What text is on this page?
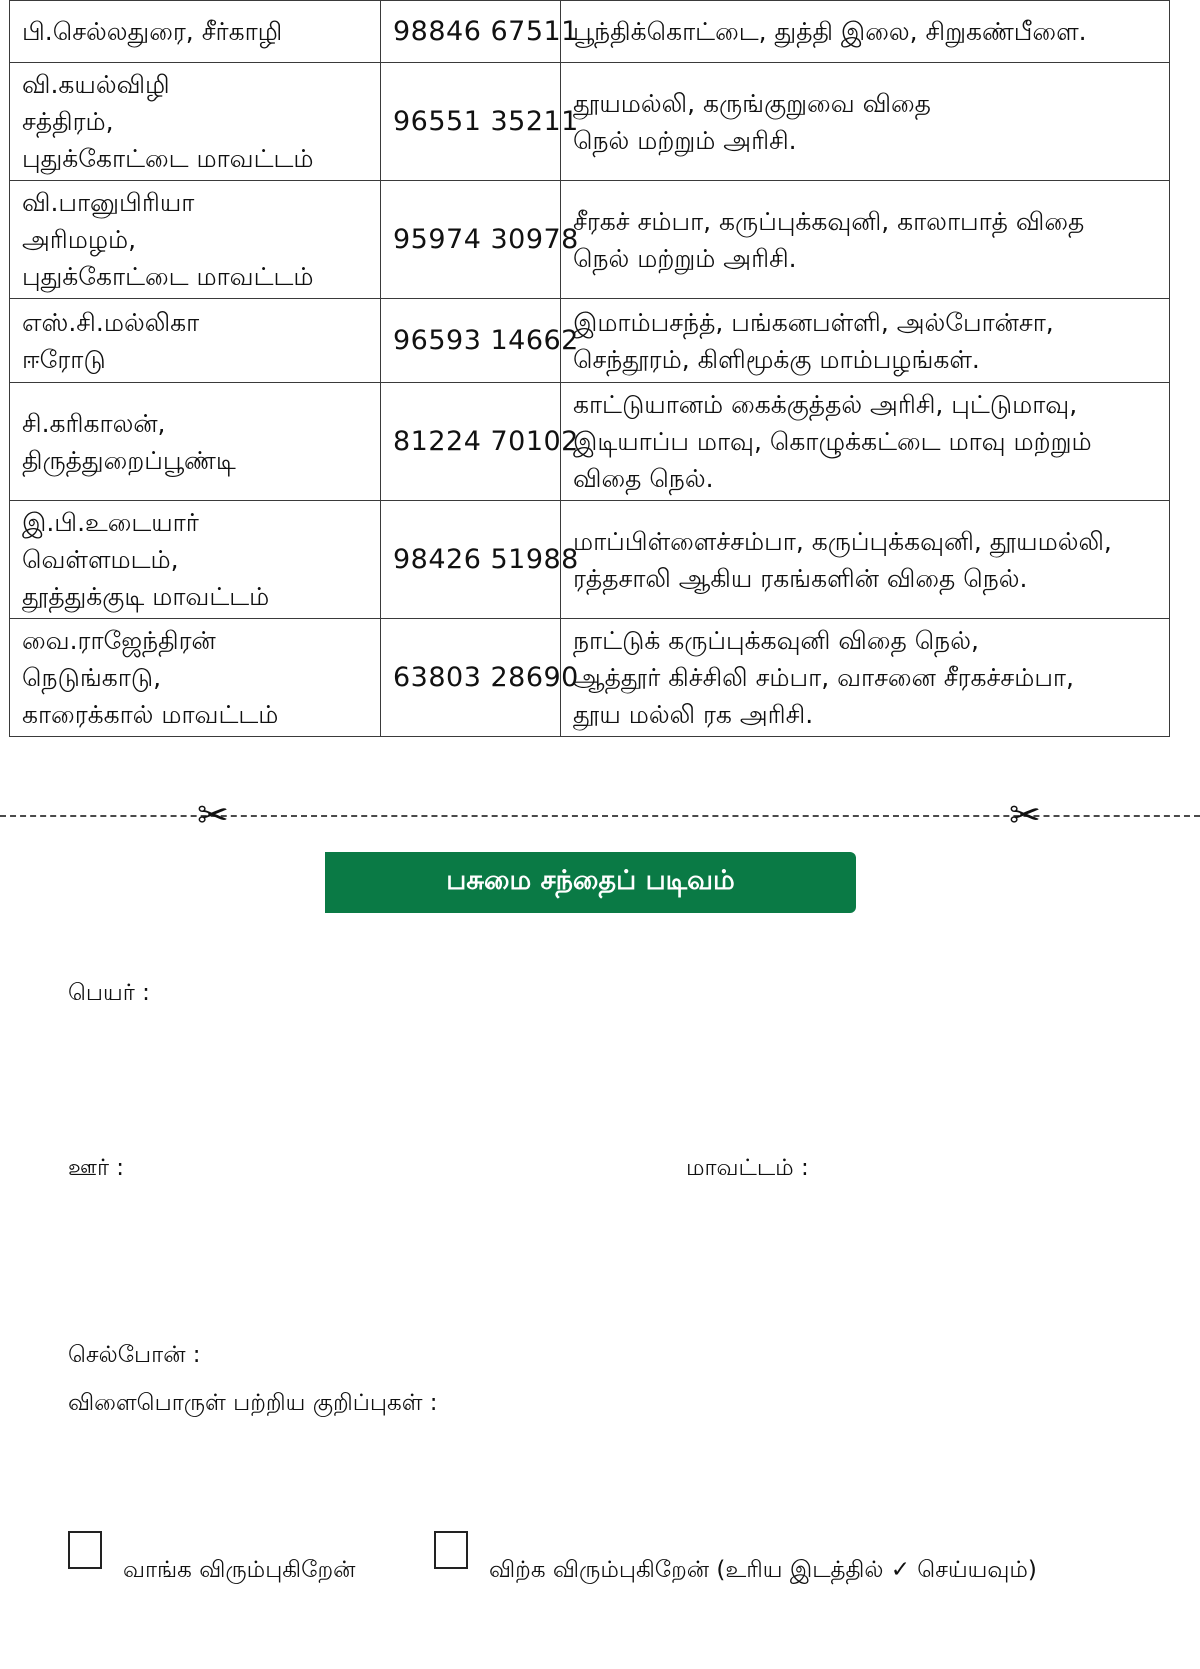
பி.செல்லதுரை, சீர்காழி	98846 67511	பூந்திக்கொட்டை, துத்தி இலை, சிறுகண்பீளை.

வி.கயல்விழி
சத்திரம்,
புதுக்கோட்டை மாவட்டம்	96551 35211	தூயமல்லி, கருங்குறுவை விதை
நெல் மற்றும் அரிசி.

வி.பானுபிரியா
அரிமழம்,
புதுக்கோட்டை மாவட்டம்	95974 30978	சீரகச் சம்பா, கருப்புக்கவுனி, காலாபாத் விதை
நெல் மற்றும் அரிசி.

எஸ்.சி.மல்லிகா
ஈரோடு	96593 14662	இமாம்பசந்த், பங்கனபள்ளி, அல்போன்சா,
செந்தூரம், கிளிமூக்கு மாம்பழங்கள்.

சி.கரிகாலன்,
திருத்துறைப்பூண்டி	81224 70102	காட்டுயானம் கைக்குத்தல் அரிசி, புட்டுமாவு,
இடியாப்ப மாவு, கொழுக்கட்டை மாவு மற்றும்
விதை நெல்.

இ.பி.உடையார்
வெள்ளமடம்,
தூத்துக்குடி மாவட்டம்	98426 51988	மாப்பிள்ளைச்சம்பா, கருப்புக்கவுனி, தூயமல்லி,
ரத்தசாலி ஆகிய ரகங்களின் விதை நெல்.

வை.ராஜேந்திரன்
நெடுங்காடு,
காரைக்கால் மாவட்டம்	63803 28690	நாட்டுக் கருப்புக்கவுனி விதை நெல்,
ஆத்தூர் கிச்சிலி சம்பா, வாசனை சீரகச்சம்பா,
தூய மல்லி ரக அரிசி.
✂	✂
பசுமை சந்தைப் படிவம்
பெயர் :
ஊர் :	மாவட்டம் :
செல்போன் :
விளைபொருள் பற்றிய குறிப்புகள் :
வாங்க விரும்புகிறேன்	விற்க விரும்புகிறேன் (உரிய இடத்தில் ✓ செய்யவும்)
